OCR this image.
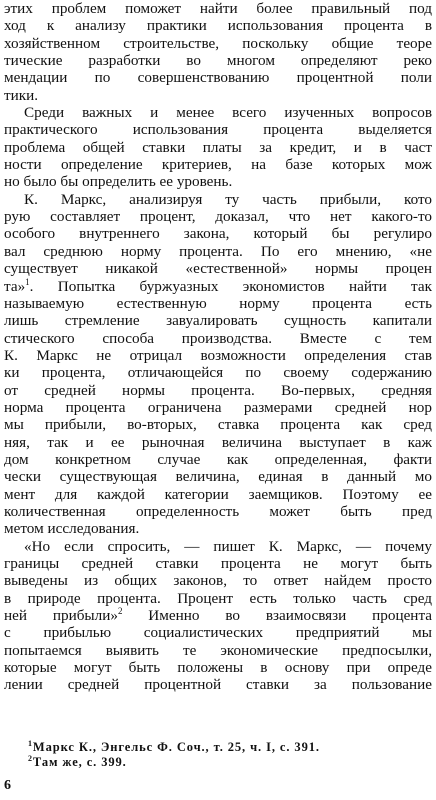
этих проблем поможет найти более правильный под
ход к анализу практики использования процента в
хозяйственном строительстве, поскольку общие теоре
тические разработки во многом определяют реко
мендации по совершенствованию процентной поли
тики.
Среди важных и менее всего изученных вопросов
практического использования процента выделяется
проблема общей ставки платы за кредит, и в част
ности определение критериев, на базе которых мож
но было бы определить ее уровень.
К. Маркс, анализируя ту часть прибыли, кото
рую составляет процент, доказал, что нет какого-то
особого внутреннего закона, который бы регулиро
вал среднюю норму процента. По его мнению, «не
существует никакой «естественной» нормы процен
та»$^1$. Попытка буржуазных экономистов найти так
называемую естественную норму процента есть
лишь стремление завуалировать сущность капитали
стического способа производства. Вместе с тем
К. Маркс не отрицал возможности определения став
ки процента, отличающейся по своему содержанию
от средней нормы процента. Во-первых, средняя
норма процента ограничена размерами средней нор
мы прибыли, во-вторых, ставка процента как сред
няя, так и ее рыночная величина выступает в каж
дом конкретном случае как определенная, факти
чески существующая величина, единая в данный мо
мент для каждой категории заемщиков. Поэтому ее
количественная определенность может быть пред
метом исследования.
«Но если спросить, — пишет К. Маркс, — почему
границы средней ставки процента не могут быть
выведены из общих законов, то ответ найдем просто
в природе процента. Процент есть только часть сред
ней прибыли»$^2$ Именно во взаимосвязи процента
с прибылью социалистических предприятий мы
попытаемся выявить те экономические предпосылки,
которые могут быть положены в основу при опреде
лении средней процентной ставки за пользование
$^1$Маркс К., Энгельс Ф. Соч., т. 25, ч. I, с. 391.
$^2$Там же, с. 399.
6
